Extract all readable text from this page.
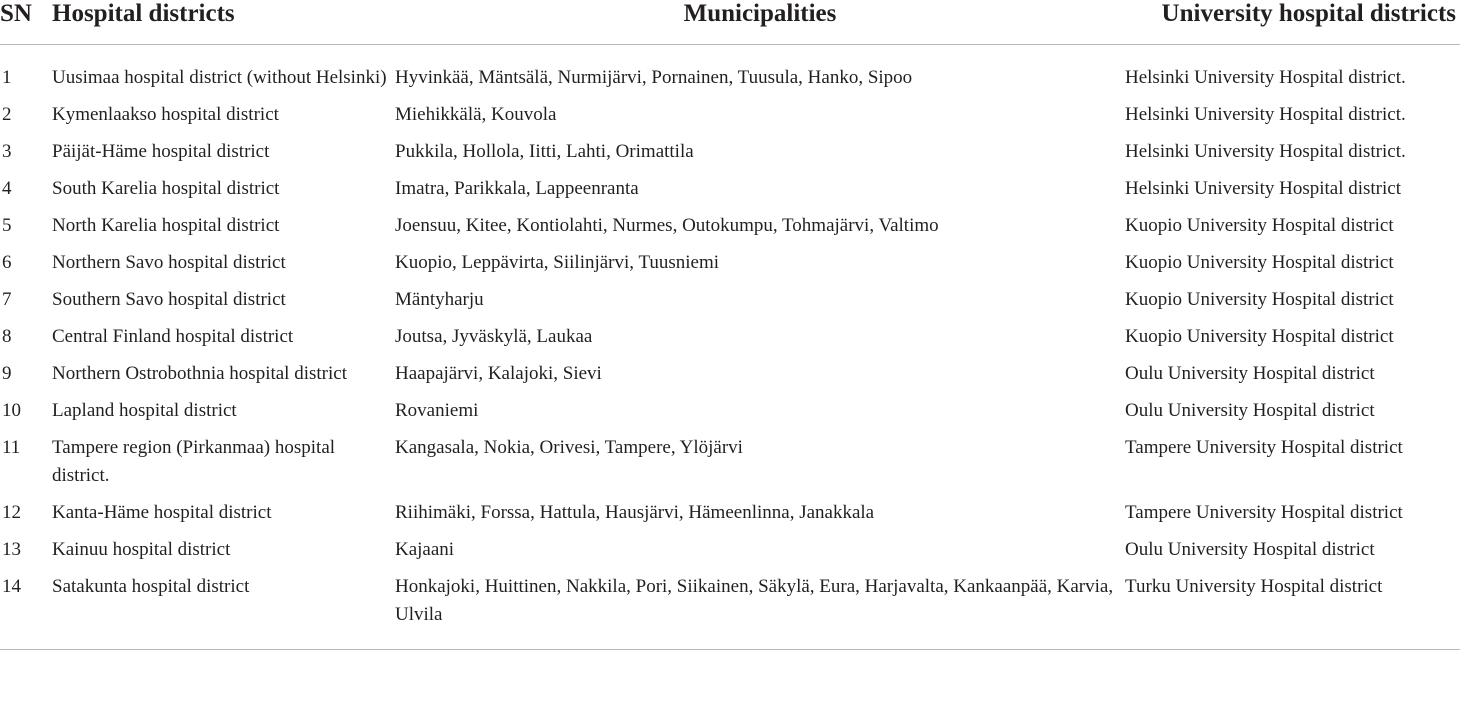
SN	Hospital districts	Municipalities	University hospital districts
1	Uusimaa hospital district (without Helsinki)	Hyvinkää, Mäntsälä, Nurmijärvi, Pornainen, Tuusula, Hanko, Sipoo	Helsinki University Hospital district.
2	Kymenlaakso hospital district	Miehikkälä, Kouvola	Helsinki University Hospital district.
3	Päijät-Häme hospital district	Pukkila, Hollola, Iitti, Lahti, Orimattila	Helsinki University Hospital district.
4	South Karelia hospital district	Imatra, Parikkala, Lappeenranta	Helsinki University Hospital district
5	North Karelia hospital district	Joensuu, Kitee, Kontiolahti, Nurmes, Outokumpu, Tohmajärvi, Valtimo	Kuopio University Hospital district
6	Northern Savo hospital district	Kuopio, Leppävirta, Siilinjärvi, Tuusniemi	Kuopio University Hospital district
7	Southern Savo hospital district	Mäntyharju	Kuopio University Hospital district
8	Central Finland hospital district	Joutsa, Jyväskylä, Laukaa	Kuopio University Hospital district
9	Northern Ostrobothnia hospital district	Haapajärvi, Kalajoki, Sievi	Oulu University Hospital district
10	Lapland hospital district	Rovaniemi	Oulu University Hospital district
11	Tampere region (Pirkanmaa) hospital district.	Kangasala, Nokia, Orivesi, Tampere, Ylöjärvi	Tampere University Hospital district
12	Kanta-Häme hospital district	Riihimäki, Forssa, Hattula, Hausjärvi, Hämeenlinna, Janakkala	Tampere University Hospital district
13	Kainuu hospital district	Kajaani	Oulu University Hospital district
14	Satakunta hospital district	Honkajoki, Huittinen, Nakkila, Pori, Siikainen, Säkylä, Eura, Harjavalta, Kankaanpää, Karvia, Ulvila	Turku University Hospital district
